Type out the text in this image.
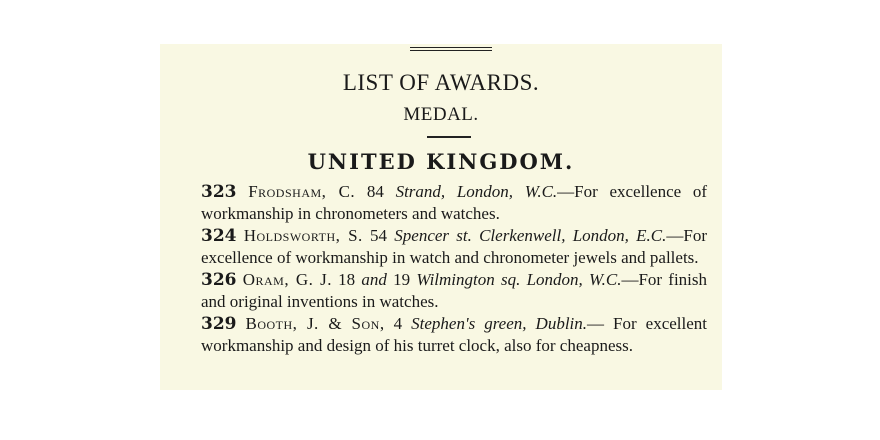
LIST OF AWARDS.
MEDAL.
UNITED KINGDOM.
323 Frodsham, C. 84 Strand, London, W.C.—For excellence of workmanship in chronometers and watches.
324 Holdsworth, S. 54 Spencer st. Clerkenwell, London, E.C.—For excellence of workmanship in watch and chronometer jewels and pallets.
326 Oram, G. J. 18 and 19 Wilmington sq. London, W.C.—For finish and original inventions in watches.
329 Booth, J. & Son, 4 Stephen's green, Dublin.— For excellent workmanship and design of his turret clock, also for cheapness.
